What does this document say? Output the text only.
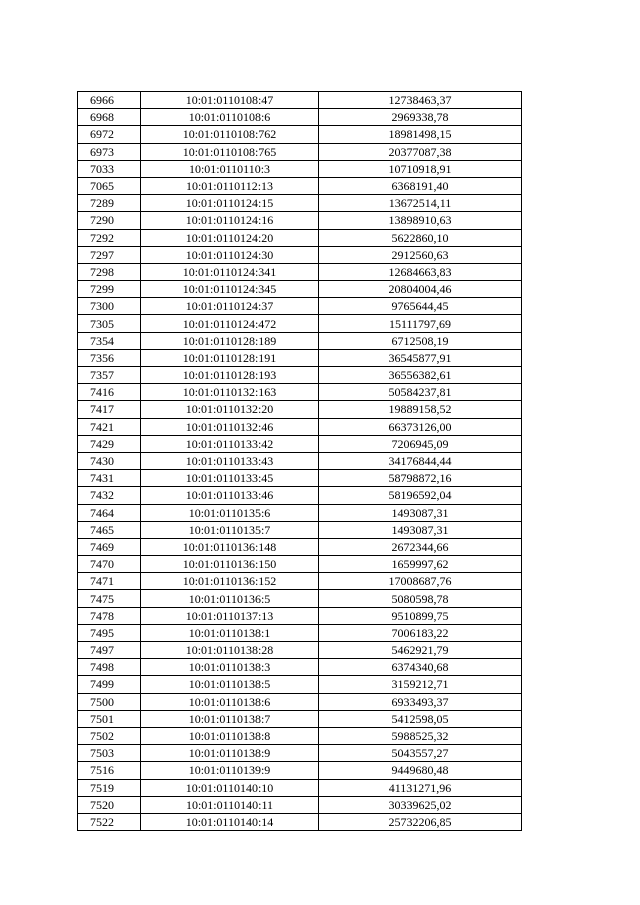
6966	10:01:0110108:47	12738463,37
6968	10:01:0110108:6	2969338,78
6972	10:01:0110108:762	18981498,15
6973	10:01:0110108:765	20377087,38
7033	10:01:0110110:3	10710918,91
7065	10:01:0110112:13	6368191,40
7289	10:01:0110124:15	13672514,11
7290	10:01:0110124:16	13898910,63
7292	10:01:0110124:20	5622860,10
7297	10:01:0110124:30	2912560,63
7298	10:01:0110124:341	12684663,83
7299	10:01:0110124:345	20804004,46
7300	10:01:0110124:37	9765644,45
7305	10:01:0110124:472	15111797,69
7354	10:01:0110128:189	6712508,19
7356	10:01:0110128:191	36545877,91
7357	10:01:0110128:193	36556382,61
7416	10:01:0110132:163	50584237,81
7417	10:01:0110132:20	19889158,52
7421	10:01:0110132:46	66373126,00
7429	10:01:0110133:42	7206945,09
7430	10:01:0110133:43	34176844,44
7431	10:01:0110133:45	58798872,16
7432	10:01:0110133:46	58196592,04
7464	10:01:0110135:6	1493087,31
7465	10:01:0110135:7	1493087,31
7469	10:01:0110136:148	2672344,66
7470	10:01:0110136:150	1659997,62
7471	10:01:0110136:152	17008687,76
7475	10:01:0110136:5	5080598,78
7478	10:01:0110137:13	9510899,75
7495	10:01:0110138:1	7006183,22
7497	10:01:0110138:28	5462921,79
7498	10:01:0110138:3	6374340,68
7499	10:01:0110138:5	3159212,71
7500	10:01:0110138:6	6933493,37
7501	10:01:0110138:7	5412598,05
7502	10:01:0110138:8	5988525,32
7503	10:01:0110138:9	5043557,27
7516	10:01:0110139:9	9449680,48
7519	10:01:0110140:10	41131271,96
7520	10:01:0110140:11	30339625,02
7522	10:01:0110140:14	25732206,85
